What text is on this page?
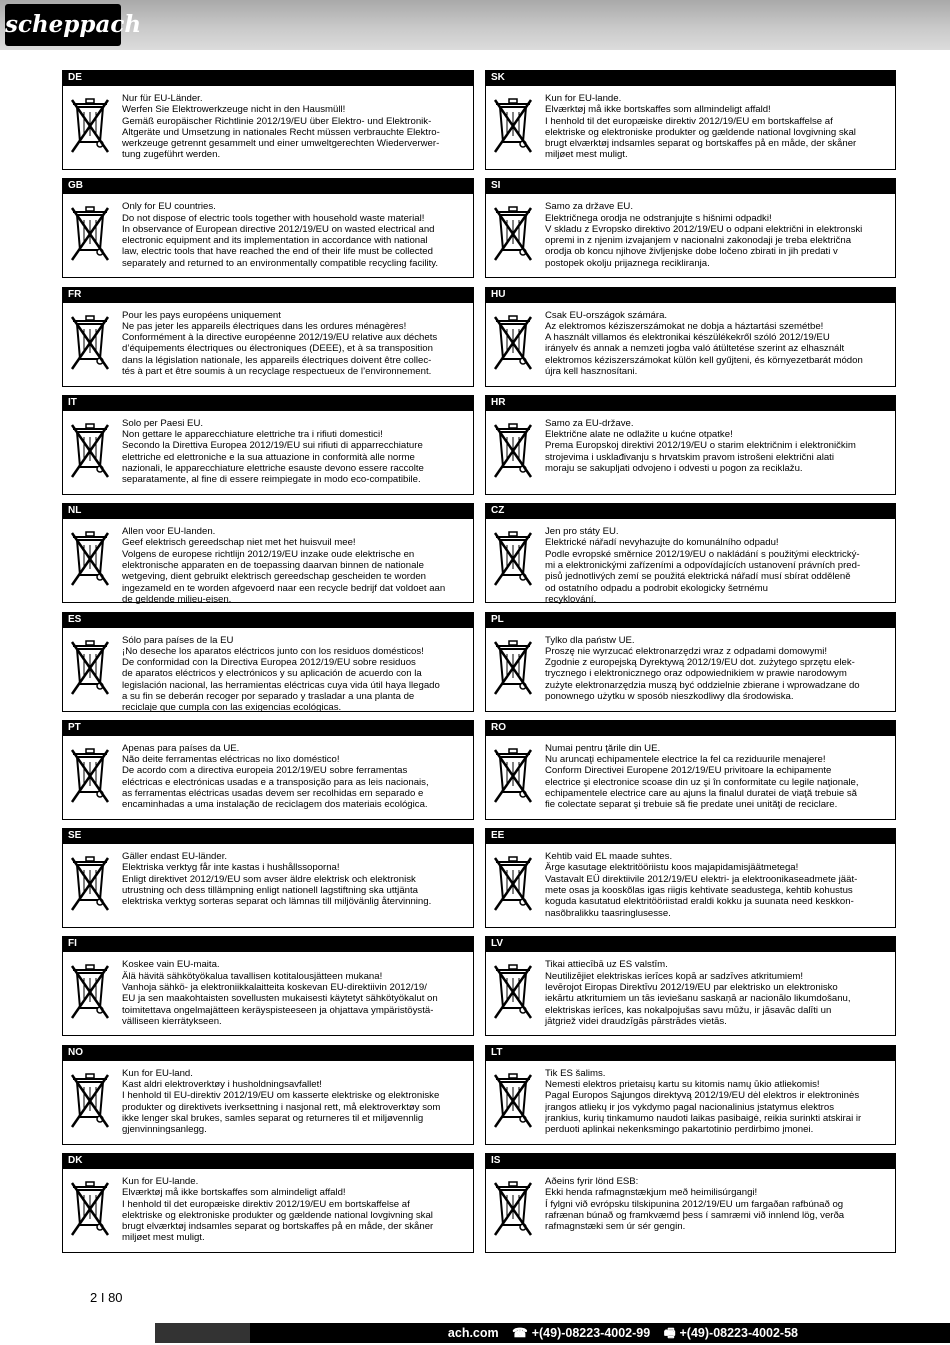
scheppach
DE
Nur für EU-Länder.
Werfen Sie Elektrowerkzeuge nicht in den Hausmüll!
Gemäß europäischer Richtlinie 2012/19/EU über Elektro- und Elektronik-
Altgeräte und Umsetzung in nationales Recht müssen verbrauchte Elektro-
werkzeuge getrennt gesammelt und einer umweltgerechten Wiederverwer-
tung zugeführt werden.
GB
Only for EU countries.
Do not dispose of electric tools together with household waste material!
In observance of European directive 2012/19/EU on wasted electrical and
electronic equipment and its implementation in accordance with national
law, electric tools that have reached the end of their life must be collected
separately and returned to an environmentally compatible recycling facility.
FR
Pour les pays européens uniquement
Ne pas jeter les appareils électriques dans les ordures ménagères!
Conformément à la directive européenne 2012/19/EU relative aux déchets
d’équipements électriques ou électroniques (DEEE), et à sa transposition
dans la législation nationale, les appareils électriques doivent être collec-
tés à part et être soumis à un recyclage respectueux de l’environnement.
IT
Solo per Paesi EU.
Non gettare le apparecchiature elettriche tra i rifiuti domestici!
Secondo la Direttiva Europea 2012/19/EU sui rifiuti di apparrecchiature
elettriche ed elettroniche e la sua attuazione in conformità alle norme
nazionali, le apparecchiature elettriche esauste devono essere raccolte
separatamente, al fine di essere reimpiegate in modo eco-compatibile.
NL
Allen voor EU-landen.
Geef elektrisch gereedschap niet met het huisvuil mee!
Volgens de europese richtlijn 2012/19/EU inzake oude elektrische en
elektronische apparaten en de toepassing daarvan binnen de nationale
wetgeving, dient gebruikt elektrisch gereedschap gescheiden te worden
ingezameld en te worden afgevoerd naar een recycle bedrijf dat voldoet aan
de geldende milieu-eisen.
ES
Sólo para países de la EU
¡No deseche los aparatos eléctricos junto con los residuos domésticos!
De conformidad con la Directiva Europea 2012/19/EU sobre residuos
de aparatos eléctricos y electrónicos y su aplicación de acuerdo con la
legislación nacional, las herramientas eléctricas cuya vida útil haya llegado
a su fin se deberán recoger por separado y trasladar a una planta de
reciclaje que cumpla con las exigencias ecológicas.
PT
Apenas para países da UE.
Não deite ferramentas eléctricas no lixo doméstico!
De acordo com a directiva europeia 2012/19/EU sobre ferramentas
eléctricas e electrónicas usadas e a transposição para as leis nacionais,
as ferramentas eléctricas usadas devem ser recolhidas em separado e
encaminhadas a uma instalação de reciclagem dos materiais ecológica.
SE
Gäller endast EU-länder.
Elektriska verktyg får inte kastas i hushållssoporna!
Enligt direktivet 2012/19/EU som avser äldre elektrisk och elektronisk
utrustning och dess tillämpning enligt nationell lagstiftning ska uttjänta
elektriska verktyg sorteras separat och lämnas till miljövänlig återvinning.
FI
Koskee vain EU-maita.
Älä hävitä sähkötyökalua tavallisen kotitalousjätteen mukana!
Vanhoja sähkö- ja elektroniikkalaitteita koskevan EU-direktiivin 2012/19/
EU ja sen maakohtaisten sovellusten mukaisesti käytetyt sähkötyökalut on
toimitettava ongelmajätteen keräyspisteeseen ja ohjattava ympäristöystä-
välliseen kierrätykseen.
NO
Kun for EU-land.
Kast aldri elektroverktøy i husholdningsavfallet!
I henhold til EU-direktiv 2012/19/EU om kasserte elektriske og elektroniske
produkter og direktivets iverksettning i nasjonal rett, må elektroverktøy som
ikke lenger skal brukes, samles separat og returneres til et miljøvennlig
gjenvinningsanlegg.
DK
Kun for EU-lande.
Elværktøj må ikke bortskaffes som almindeligt affald!
I henhold til det europæiske direktiv 2012/19/EU em bortskaffelse af
elektriske og elektroniske produkter og gældende national lovgivning skal
brugt elværktøj indsamles separat og bortskaffes på en måde, der skåner
miljøet mest muligt.
SK
Kun for EU-lande.
Elværktøj må ikke bortskaffes som allmindeligt affald!
I henhold til det europæiske direktiv 2012/19/EU em bortskaffelse af
elektriske og elektroniske produkter og gældende national lovgivning skal
brugt elværktøj indsamles separat og bortskaffes på en måde, der skåner
miljøet mest muligt.
SI
Samo za države EU.
Električnega orodja ne odstranjujte s hišnimi odpadki!
V skladu z Evropsko direktivo 2012/19/EU o odpani električni in elektronski
opremi in z njenim izvajanjem v nacionalni zakonodaji je treba električna
orodja ob koncu njihove življenjske dobe ločeno zbirati in jih predati v
postopek okolju prijaznega recikliranja.
HU
Csak EU-országok számára.
Az elektromos kéziszerszámokat ne dobja a háztartási szemétbe!
A használt villamos és elektronikai készülékekről szóló 2012/19/EU
irányelv és annak a nemzeti jogba való átültetése szerint az elhasznált
elektromos kéziszerszámokat külön kell gyűjteni, és környezetbarát módon
újra kell hasznosítani.
HR
Samo za EU-države.
Električne alate ne odlažite u kućne otpatke!
Prema Europskoj direktivi 2012/19/EU o starim električnim i elektroničkim
strojevima i usklađivanju s hrvatskim pravom istrošeni električni alati
moraju se sakupljati odvojeno i odvesti u pogon za reciklažu.
CZ
Jen pro státy EU.
Elektrické nářadí nevyhazujte do komunálního odpadu!
Podle evropské směrnice 2012/19/EU o nakládání s použitými elecktrický-
mi a elektronickými zařízeními a odpovídajících ustanovení právních pred-
pisů jednotlivých zemí se použitá elektrická nářadí musí sbírat odděleně
od ostatního odpadu a podrobit ekologicky šetrnému
recyklování.
PL
Tylko dla państw UE.
Proszę nie wyrzucać elektronarzędzi wraz z odpadami domowymi!
Zgodnie z europejską Dyrektywą 2012/19/EU dot. zużytego sprzętu elek-
trycznego i elektronicznego oraz odpowiednikiem w prawie narodowym
zużyte elektronarzędzia muszą być oddzielnie zbierane i wprowadzane do
ponownego użytku w sposób nieszkodliwy dla środowiska.
RO
Numai pentru ţările din UE.
Nu aruncaţi echipamentele electrice la fel ca reziduurile menajere!
Conform Directivei Europene 2012/19/EU privitoare la echipamente
electrice şi electronice scoase din uz şi în conformitate cu legile naţionale,
echipamentele electrice care au ajuns la finalul duratei de viaţă trebuie să
fie colectate separat şi trebuie să fie predate unei unităţi de reciclare.
EE
Kehtib vaid EL maade suhtes.
Ärge kasutage elektritööriistu koos majapidamisjäätmetega!
Vastavalt EÜ direktiivile 2012/19/EU elektri- ja elektroonikaseadmete jäät-
mete osas ja kooskõlas igas riigis kehtivate seadustega, kehtib kohustus
koguda kasutatud elektritööriistad eraldi kokku ja suunata need keskkon-
nasõbralikku taasringlusesse.
LV
Tikai attiecībā uz ES valstīm.
Neutilizējiet elektriskas ierīces kopā ar sadzīves atkritumiem!
Ievērojot Eiropas Direktīvu 2012/19/EU par elektrisko un elektronisko
iekārtu atkritumiem un tās ieviešanu saskaņā ar nacionālo likumdošanu,
elektriskas ierīces, kas nokalpojušas savu mūžu, ir jāsavāc dalīti un
jātgriež videi draudzīgās pārstrādes vietās.
LT
Tik ES šalims.
Nemesti elektros prietaisų kartu su kitomis namų ūkio atliekomis!
Pagal Europos Sąjungos direktyvą 2012/19/EU dėl elektros ir elektroninės
įrangos atliekų ir jos vykdymo pagal nacionalinius įstatymus elektros
įrankius, kurių tinkamumo naudoti laikas pasibaigė, reikia surinkti atskirai ir
perduoti aplinkai nekenksmingo pakartotinio perdirbimo įmonei.
IS
Aðeins fyrir lönd ESB:
Ekki henda rafmagnstækjum með heimilisúrgangi!
Í fylgni við evrópsku tilskipunina 2012/19/EU um fargaðan rafbúnað og
rafrænan búnað og framkvæmd þess í samræmi við innlend lög, verða
rafmagnstæki sem úr sér gengin.
2 I 80
ach.com ☎ +(49)-08223-4002-99 🖷 +(49)-08223-4002-58
